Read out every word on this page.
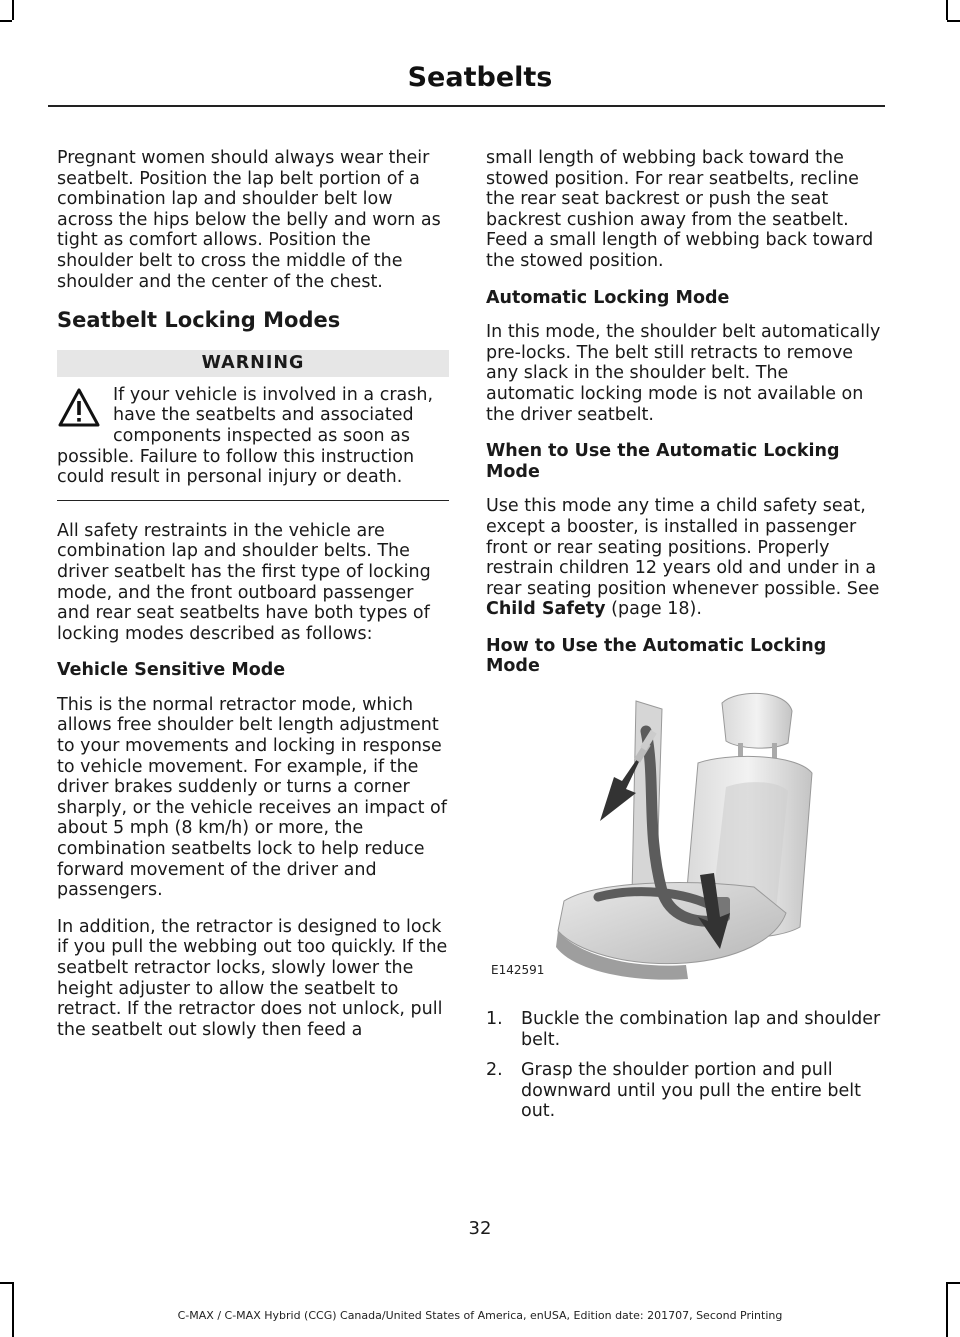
Seatbelts

Pregnant women should always wear their seatbelt. Position the lap belt portion of a combination lap and shoulder belt low across the hips below the belly and worn as tight as comfort allows. Position the shoulder belt to cross the middle of the shoulder and the center of the chest.

Seatbelt Locking Modes
WARNING

If your vehicle is involved in a crash, have the seatbelts and associated components inspected as soon as possible. Failure to follow this instruction could result in personal injury or death.

All safety restraints in the vehicle are combination lap and shoulder belts. The driver seatbelt has the first type of locking mode, and the front outboard passenger and rear seat seatbelts have both types of locking modes described as follows:

Vehicle Sensitive Mode

This is the normal retractor mode, which allows free shoulder belt length adjustment to your movements and locking in response to vehicle movement. For example, if the driver brakes suddenly or turns a corner sharply, or the vehicle receives an impact of about 5 mph (8 km/h) or more, the combination seatbelts lock to help reduce forward movement of the driver and passengers.

In addition, the retractor is designed to lock if you pull the webbing out too quickly. If the seatbelt retractor locks, slowly lower the height adjuster to allow the seatbelt to retract. If the retractor does not unlock, pull the seatbelt out slowly then feed a

small length of webbing back toward the stowed position. For rear seatbelts, recline the rear seat backrest or push the seat backrest cushion away from the seatbelt. Feed a small length of webbing back toward the stowed position.

Automatic Locking Mode

In this mode, the shoulder belt automatically pre-locks. The belt still retracts to remove any slack in the shoulder belt. The automatic locking mode is not available on the driver seatbelt.

When to Use the Automatic Locking Mode

Use this mode any time a child safety seat, except a booster, is installed in passenger front or rear seating positions. Properly restrain children 12 years old and under in a rear seating position whenever possible. See Child Safety (page 18).

How to Use the Automatic Locking Mode
E142591
1. Buckle the combination lap and shoulder belt.
2. Grasp the shoulder portion and pull downward until you pull the entire belt out.
32
C-MAX / C-MAX Hybrid (CCG) Canada/United States of America, enUSA, Edition date: 201707, Second Printing
